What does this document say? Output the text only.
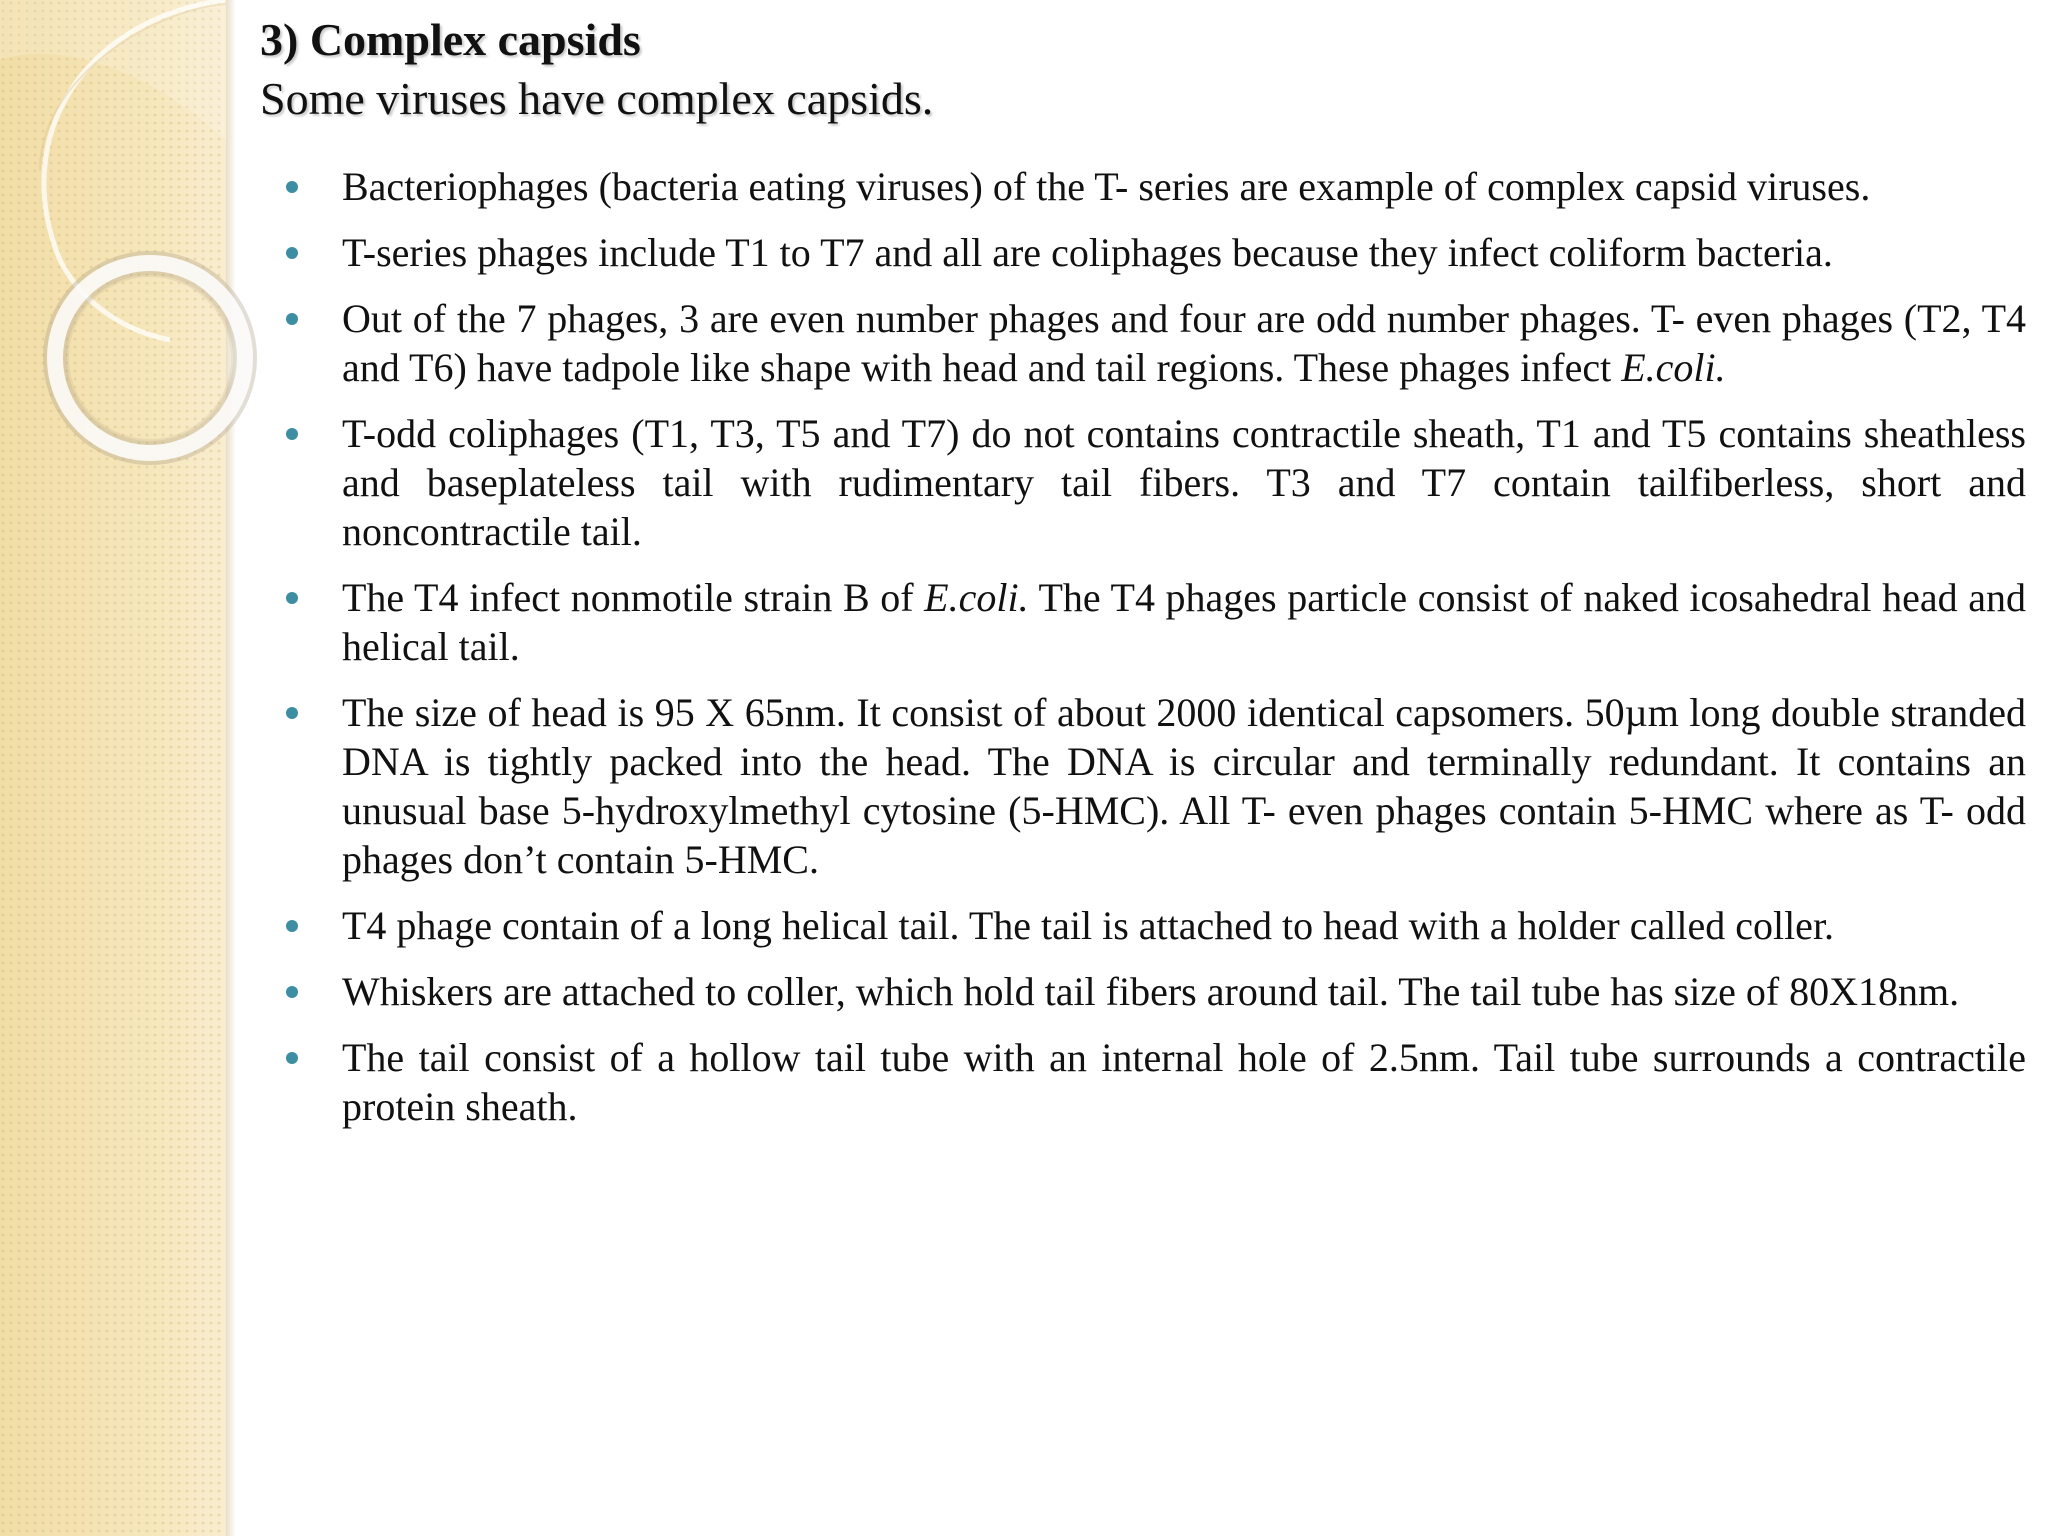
3) Complex capsids

Some viruses have complex capsids.

Bacteriophages (bacteria eating viruses) of the T- series are example of complex capsid viruses.
T-series phages include T1 to T7 and all are coliphages because they infect coliform bacteria.
Out of the 7 phages, 3 are even number phages and four are odd number phages. T- even phages (T2, T4 and T6) have tadpole like shape with head and tail regions. These phages infect E.coli.
T-odd coliphages (T1, T3, T5 and T7) do not contains contractile sheath, T1 and T5 contains sheathless and baseplateless tail with rudimentary tail fibers. T3 and T7 contain tailfiberless, short and noncontractile tail.
The T4 infect nonmotile strain B of E.coli. The T4 phages particle consist of naked icosahedral head and helical tail.
The size of head is 95 X 65nm. It consist of about 2000 identical capsomers. 50µm long double stranded DNA is tightly packed into the head. The DNA is circular and terminally redundant. It contains an unusual base 5-hydroxylmethyl cytosine (5-HMC). All T- even phages contain 5-HMC where as T- odd phages don’t contain 5-HMC.
T4 phage contain of a long helical tail. The tail is attached to head with a holder called coller.
Whiskers are attached to coller, which hold tail fibers around tail. The tail tube has size of 80X18nm.
The tail consist of a hollow tail tube with an internal hole of 2.5nm. Tail tube surrounds a contractile protein sheath.
